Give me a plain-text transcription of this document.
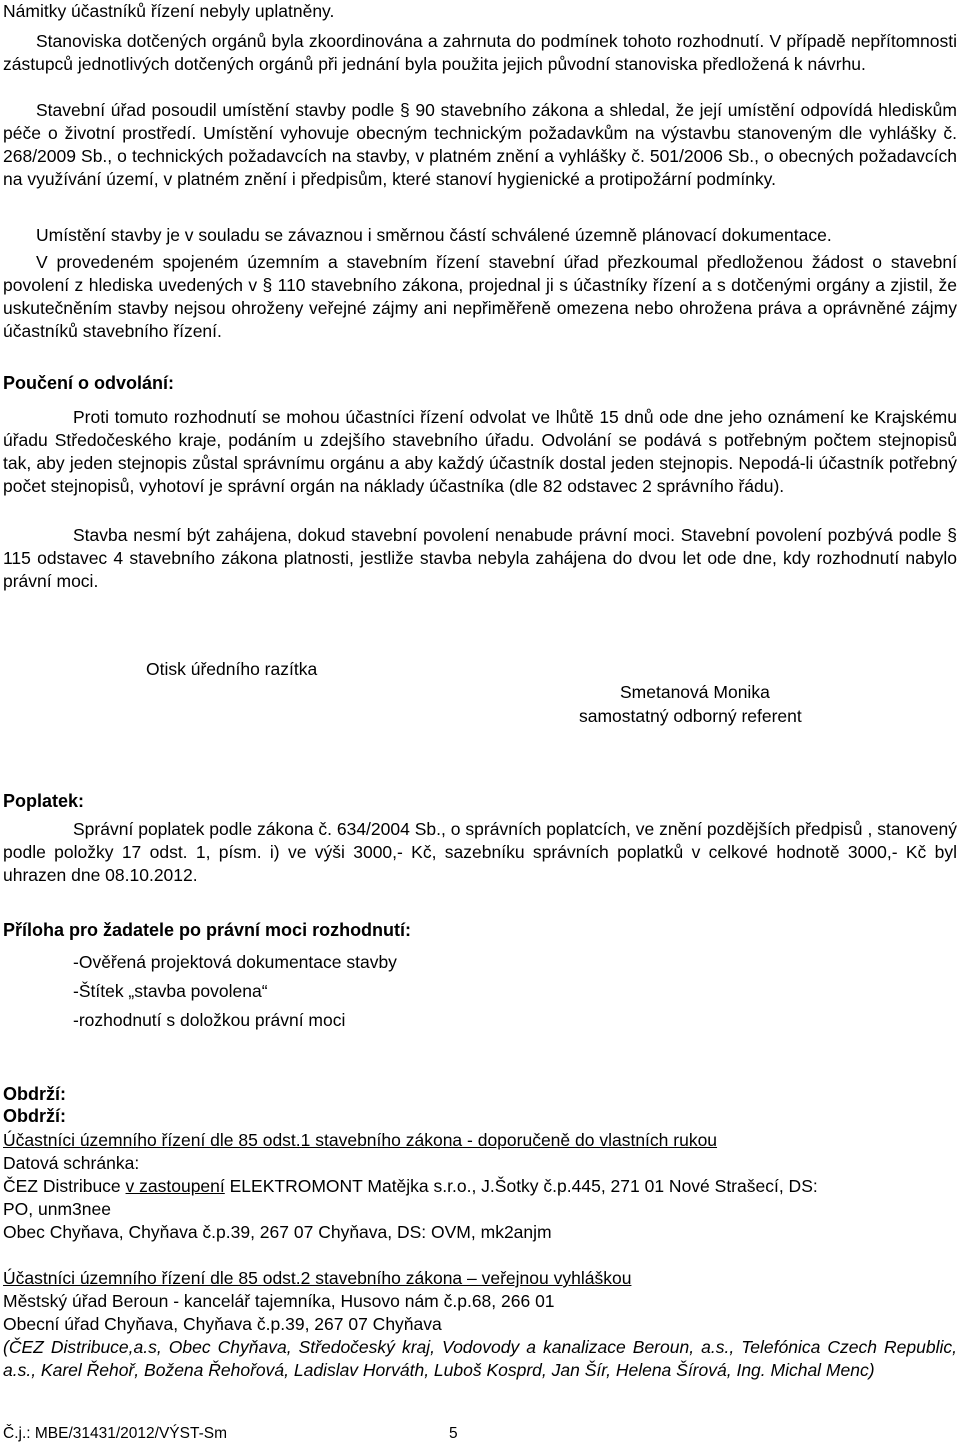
Námitky účastníků řízení nebyly uplatněny.

Stanoviska dotčených orgánů byla zkoordinována a zahrnuta do podmínek tohoto rozhodnutí. V případě nepřítomnosti zástupců jednotlivých dotčených orgánů při jednání byla použita jejich původní stanoviska předložená k návrhu.

Stavební úřad posoudil umístění stavby podle § 90 stavebního zákona a shledal, že její umístění odpovídá hlediskům péče o životní prostředí. Umístění vyhovuje obecným technickým požadavkům na výstavbu stanoveným dle vyhlášky č. 268/2009 Sb., o technických požadavcích na stavby, v platném znění a vyhlášky č. 501/2006 Sb., o obecných požadavcích na využívání území, v platném znění i předpisům, které stanoví hygienické a protipožární podmínky.

Umístění stavby je v souladu se závaznou i směrnou částí schválené územně plánovací dokumentace.

V provedeném spojeném územním a stavebním řízení stavební úřad přezkoumal předloženou žádost o stavební povolení z hlediska uvedených v § 110 stavebního zákona, projednal ji s účastníky řízení a s dotčenými orgány a zjistil, že uskutečněním stavby nejsou ohroženy veřejné zájmy ani nepřiměřeně omezena nebo ohrožena práva a oprávněné zájmy účastníků stavebního řízení.

Poučení o odvolání:

Proti tomuto rozhodnutí se mohou účastníci řízení odvolat ve lhůtě 15 dnů ode dne jeho oznámení ke Krajskému úřadu Středočeského kraje, podáním u zdejšího stavebního úřadu. Odvolání se podává s potřebným počtem stejnopisů tak, aby jeden stejnopis zůstal správnímu orgánu a aby každý účastník dostal jeden stejnopis. Nepodá-li účastník potřebný počet stejnopisů, vyhotoví je správní orgán na náklady účastníka (dle 82 odstavec 2 správního řádu).

Stavba nesmí být zahájena, dokud stavební povolení nenabude právní moci. Stavební povolení pozbývá podle § 115 odstavec 4 stavebního zákona platnosti, jestliže stavba nebyla zahájena do dvou let ode dne, kdy rozhodnutí nabylo právní moci.

Otisk úředního razítka

Smetanová Monika

samostatný odborný referent

Poplatek:

Správní poplatek podle zákona č. 634/2004 Sb., o správních poplatcích, ve znění pozdějších předpisů , stanovený podle položky 17 odst. 1, písm. i) ve výši 3000,- Kč, sazebníku správních poplatků v celkové hodnotě 3000,- Kč byl uhrazen dne 08.10.2012.

Příloha pro žadatele po právní moci rozhodnutí:

-Ověřená projektová dokumentace stavby

-Štítek „stavba povolena“

-rozhodnutí s doložkou právní moci

Obdrží:

Obdrží:

Účastníci územního řízení dle 85 odst.1 stavebního zákona - doporučeně do vlastních rukou

Datová schránka:

ČEZ Distribuce v zastoupení ELEKTROMONT Matějka s.r.o., J.Šotky č.p.445, 271 01 Nové Strašecí, DS:

PO, unm3nee

Obec Chyňava, Chyňava č.p.39, 267 07 Chyňava, DS: OVM, mk2anjm

Účastníci územního řízení dle 85 odst.2 stavebního zákona – veřejnou vyhláškou

Městský úřad Beroun - kancelář tajemníka, Husovo nám č.p.68, 266 01

Obecní úřad Chyňava, Chyňava č.p.39, 267 07 Chyňava

(ČEZ Distribuce,a.s, Obec Chyňava, Středočeský kraj, Vodovody a kanalizace Beroun, a.s., Telefónica Czech Republic, a.s., Karel Řehoř, Božena Řehořová, Ladislav Horváth, Luboš Kosprd, Jan Šír, Helena Šírová, Ing. Michal Menc)

Č.j.: MBE/31431/2012/VÝST-Sm	5
